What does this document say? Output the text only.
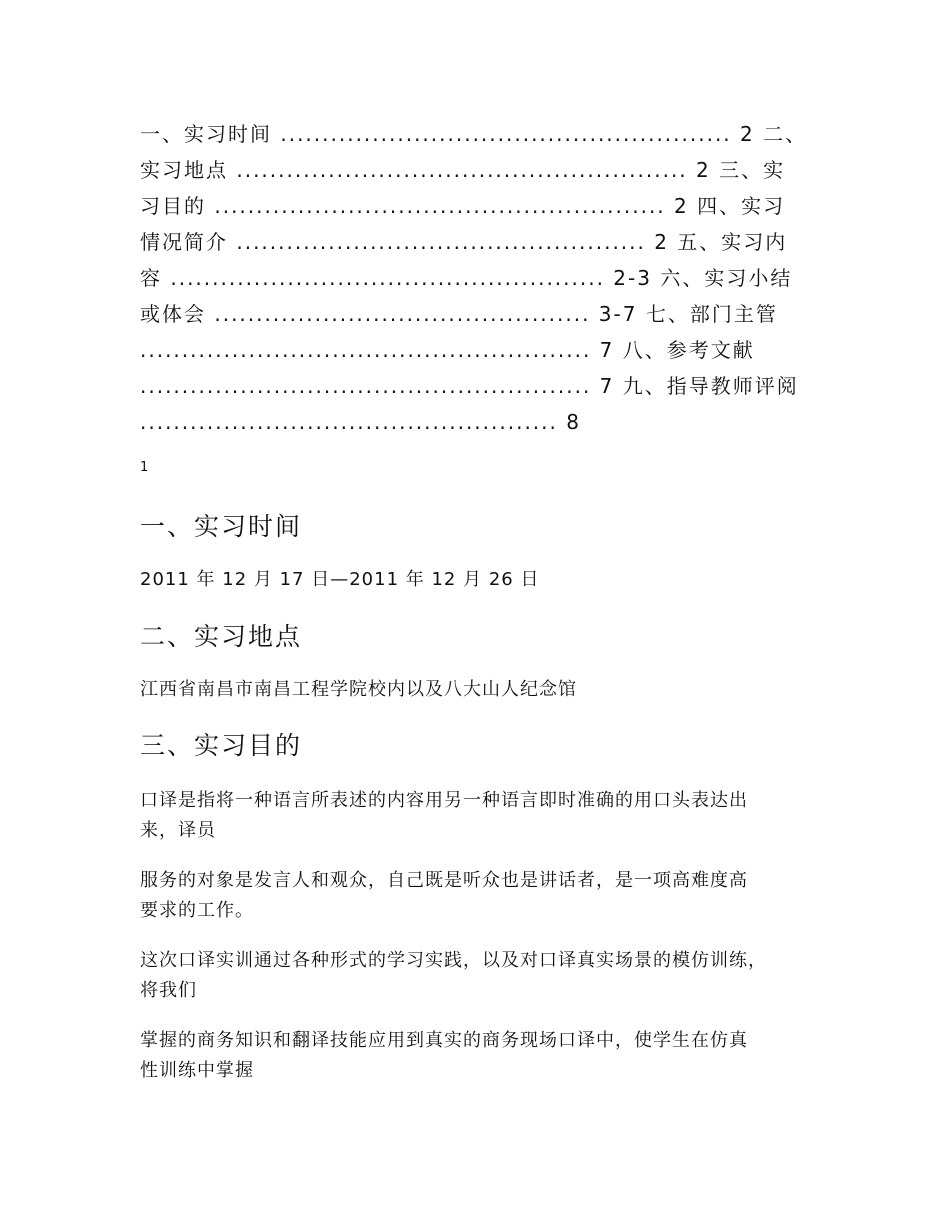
一、实习时间 ...................................................... 2 二、
实习地点 ...................................................... 2 三、实
习目的 ...................................................... 2 四、实习
情况简介 ................................................. 2 五、实习内
容 .................................................... 2-3 六、实习小结
或体会 ............................................. 3-7 七、部门主管
...................................................... 7 八、参考文献
...................................................... 7 九、指导教师评阅
.................................................. 8
1
一、实习时间
2011 年 12 月 17 日—2011 年 12 月 26 日
二、实习地点
江西省南昌市南昌工程学院校内以及八大山人纪念馆
三、实习目的
口译是指将一种语言所表述的内容用另一种语言即时准确的用口头表达出
来，译员
服务的对象是发言人和观众，自己既是听众也是讲话者，是一项高难度高
要求的工作。
这次口译实训通过各种形式的学习实践，以及对口译真实场景的模仿训练，
将我们
掌握的商务知识和翻译技能应用到真实的商务现场口译中，使学生在仿真
性训练中掌握
